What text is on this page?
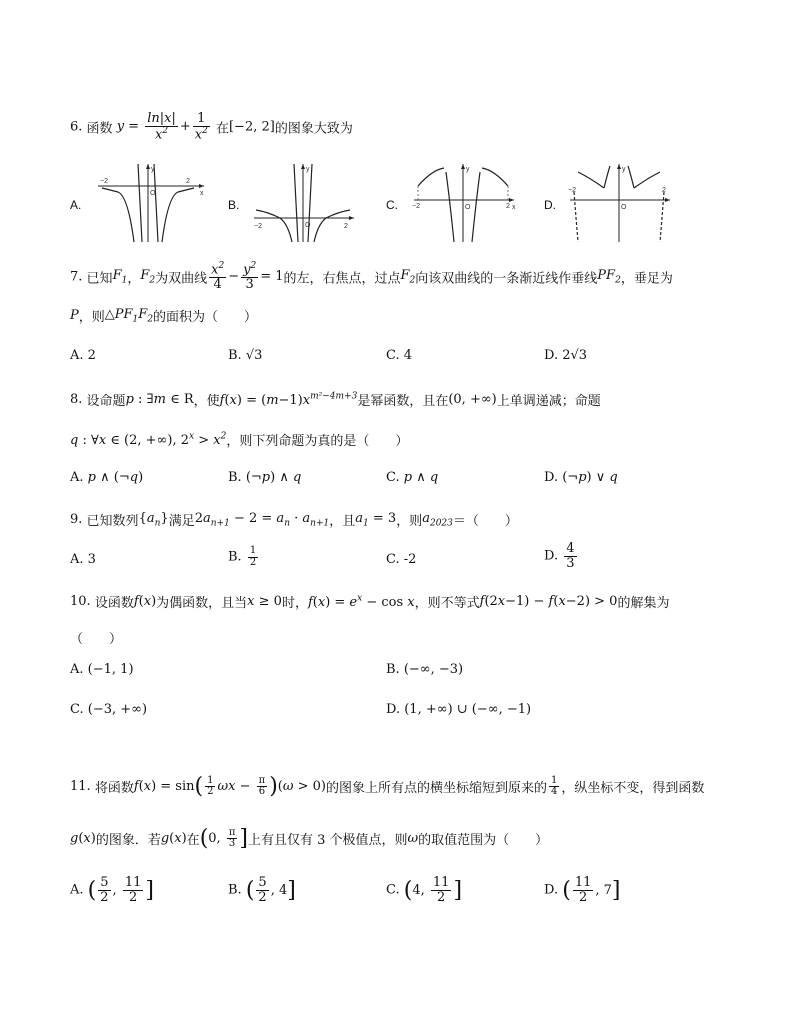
6. 函数 $y = \frac{\ln|x|}{x^2} + \frac{1}{x^2}$ 在[−2, 2]的图象大致为
A.	B.	C.	D.
−2	2
O	x
y
−2	2
O
y
−2	2
O	x
y
−2	2
O
y
7. 已知$F_1$，$F_2$为双曲线 $\frac{x^2}{4} - \frac{y^2}{3} = 1$的左，右焦点，过点$F_2$向该双曲线的一条渐近线作垂线$PF_2$，垂足为
P，则$\triangle PF_1F_2$的面积为（　　）
A. 2	B. √3	C. 4	D. 2√3
8. 设命题p : ∃m ∈ R，使$f(x) = (m-1)x^{m^2-4m+3}$是幂函数，且在(0, +∞)上单调递减；命题
q : ∀x ∈ (2, +∞), $2^x > x^2$，则下列命题为真的是（　　）
A. p ∧ (¬q)	B. (¬p) ∧ q	C. p ∧ q	D. (¬p) ∨ q
9. 已知数列$\{a_n\}$满足$2a_{n+1} - 2 = a_n \cdot a_{n+1}$，且$a_1 = 3$，则$a_{2023}=$（　　）
A. 3	B. $\frac{1}{2}$	C. -2	D. $\frac{4}{3}$
10. 设函数f(x)为偶函数，且当x ≥ 0时，$f(x) = e^x - \cos x$，则不等式f(2x−1) − f(x−2) > 0的解集为
（　　）
A. (−1, 1)	B. (−∞, −3)
C. (−3, +∞)	D. (1, +∞) ∪ (−∞, −1)
11. 将函数$f(x) = \sin( \frac{1}{2}$ $\omega x - \frac{\pi}{6} )(\omega > 0)$的图象上所有点的横坐标缩短到原来的 $\frac{1}{4}$ ，纵坐标不变，得到函数
g(x)的图象．若g(x)在(0, $\frac{\pi}{3}$ ]上有且仅有 3 个极值点，则ω的取值范围为（　　）
A. ( $\frac{5}{2}$ , $\frac{11}{2}$ ]	B. ( $\frac{5}{2}$ , 4]	C. (4, $\frac{11}{2}$ ]	D. ( $\frac{11}{2}$ , 7]
